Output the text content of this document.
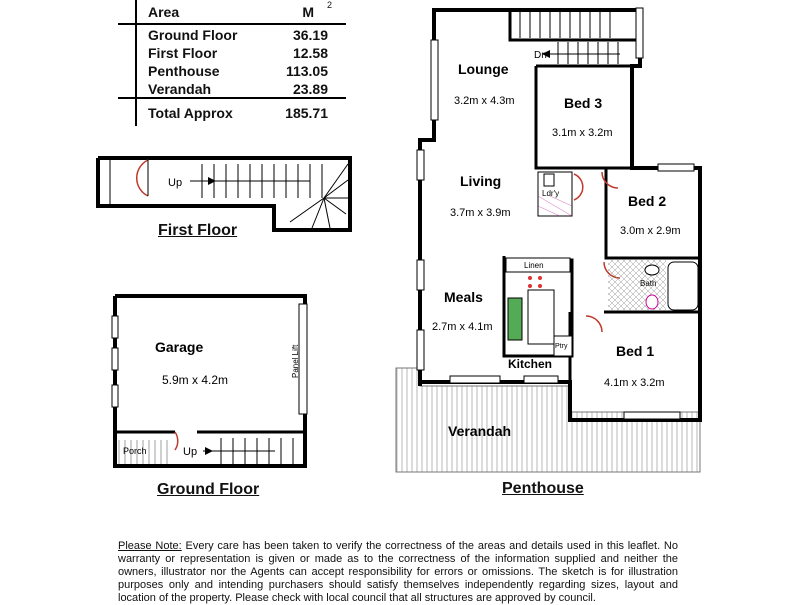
Area	M 2
Ground Floor	36.19
First Floor	12.58
Penthouse	113.05
Verandah	23.89
Total Approx	185.71
Up
First Floor
Garage
5.9m x 4.2m
Panel Lift
Porch	Up
Ground Floor
Lounge
3.2m x 4.3m	Bed 3
3.1m x 3.2m
Living
3.7m x 3.9m
Bed 2
3.0m x 2.9m
Meals
2.7m x 4.1m
Bed 1
4.1m x 3.2m
Kitchen
Verandah
Dn
Ldr'y
Linen
Bath
Ptry
Penthouse
Please Note: Every care has been taken to verify the correctness of the areas and details used in this leaflet. No warranty or representation is given or made as to the correctness of the information supplied and neither the owners, illustrator nor the Agents can accept responsibility for errors or omissions. The sketch is for illustration purposes only and intending purchasers should satisfy themselves independently regarding sizes, layout and location of the property. Please check with local council that all structures are approved by council.
